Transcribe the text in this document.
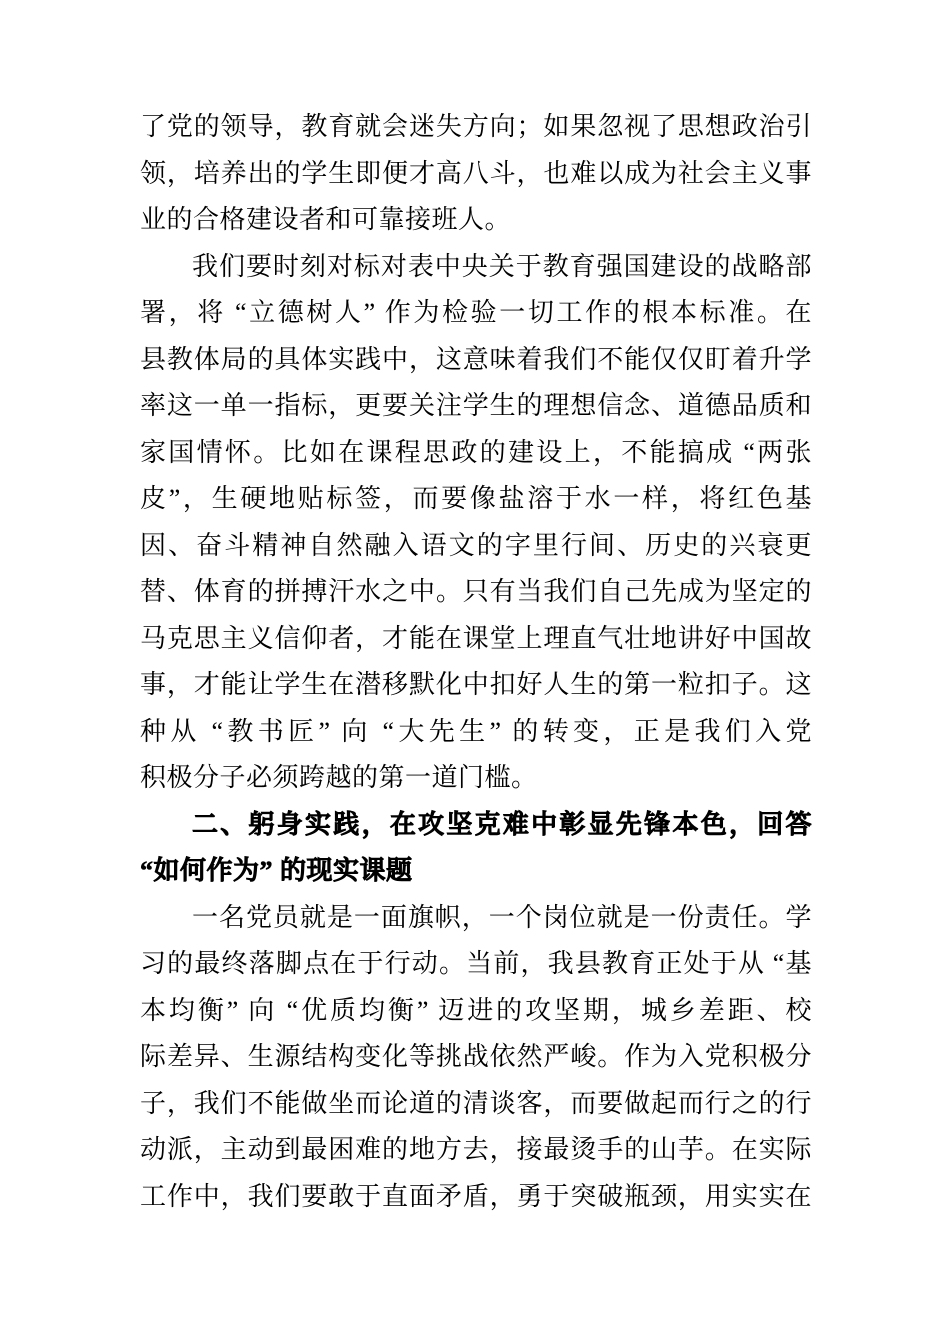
了党的领导，教育就会迷失方向；如果忽视了思想政治引
领，培养出的学生即便才高八斗，也难以成为社会主义事
业的合格建设者和可靠接班人。
我们要时刻对标对表中央关于教育强国建设的战略部
署，将 “立德树人” 作为检验一切工作的根本标准。在
县教体局的具体实践中，这意味着我们不能仅仅盯着升学
率这一单一指标，更要关注学生的理想信念、道德品质和
家国情怀。比如在课程思政的建设上，不能搞成 “两张
皮”，生硬地贴标签，而要像盐溶于水一样，将红色基
因、奋斗精神自然融入语文的字里行间、历史的兴衰更
替、体育的拼搏汗水之中。只有当我们自己先成为坚定的
马克思主义信仰者，才能在课堂上理直气壮地讲好中国故
事，才能让学生在潜移默化中扣好人生的第一粒扣子。这
种从 “教书匠” 向 “大先生” 的转变，正是我们入党
积极分子必须跨越的第一道门槛。
二、躬身实践，在攻坚克难中彰显先锋本色，回答
“如何作为” 的现实课题
一名党员就是一面旗帜，一个岗位就是一份责任。学
习的最终落脚点在于行动。当前，我县教育正处于从 “基
本均衡” 向 “优质均衡” 迈进的攻坚期，城乡差距、校
际差异、生源结构变化等挑战依然严峻。作为入党积极分
子，我们不能做坐而论道的清谈客，而要做起而行之的行
动派，主动到最困难的地方去，接最烫手的山芋。在实际
工作中，我们要敢于直面矛盾，勇于突破瓶颈，用实实在
